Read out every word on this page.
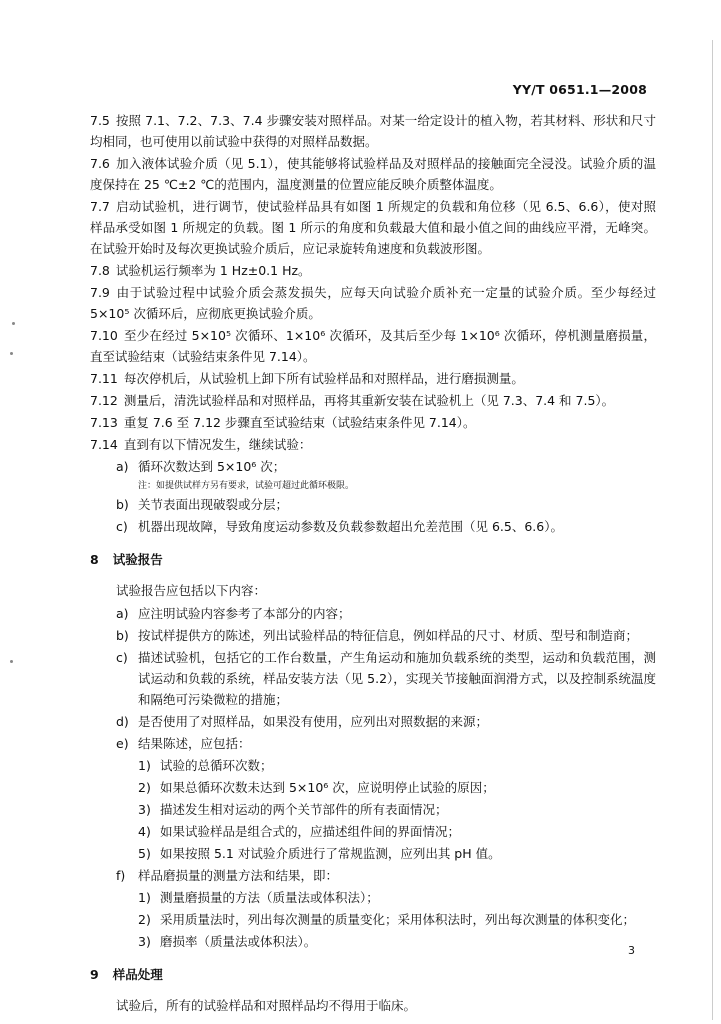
YY/T 0651.1—2008
7.5 按照 7.1、7.2、7.3、7.4 步骤安装对照样品。对某一给定设计的植入物，若其材料、形状和尺寸均相同，也可使用以前试验中获得的对照样品数据。
7.6 加入液体试验介质（见 5.1），使其能够将试验样品及对照样品的接触面完全浸没。试验介质的温度保持在 25 ℃±2 ℃的范围内，温度测量的位置应能反映介质整体温度。
7.7 启动试验机，进行调节，使试验样品具有如图 1 所规定的负载和角位移（见 6.5、6.6），使对照样品承受如图 1 所规定的负载。图 1 所示的角度和负载最大值和最小值之间的曲线应平滑，无峰突。在试验开始时及每次更换试验介质后，应记录旋转角速度和负载波形图。
7.8 试验机运行频率为 1 Hz±0.1 Hz。
7.9 由于试验过程中试验介质会蒸发损失，应每天向试验介质补充一定量的试验介质。至少每经过 5×10⁵ 次循环后，应彻底更换试验介质。
7.10 至少在经过 5×10⁵ 次循环、1×10⁶ 次循环，及其后至少每 1×10⁶ 次循环，停机测量磨损量，直至试验结束（试验结束条件见 7.14）。
7.11 每次停机后，从试验机上卸下所有试验样品和对照样品，进行磨损测量。
7.12 测量后，清洗试验样品和对照样品，再将其重新安装在试验机上（见 7.3、7.4 和 7.5）。
7.13 重复 7.6 至 7.12 步骤直至试验结束（试验结束条件见 7.14）。
7.14 直到有以下情况发生，继续试验：
a) 循环次数达到 5×10⁶ 次；
注：如提供试样方另有要求，试验可超过此循环极限。
b) 关节表面出现破裂或分层；
c) 机器出现故障，导致角度运动参数及负载参数超出允差范围（见 6.5、6.6）。
8 试验报告
试验报告应包括以下内容：
a) 应注明试验内容参考了本部分的内容；
b) 按试样提供方的陈述，列出试验样品的特征信息，例如样品的尺寸、材质、型号和制造商；
c) 描述试验机，包括它的工作台数量，产生角运动和施加负载系统的类型，运动和负载范围，测试运动和负载的系统，样品安装方法（见 5.2），实现关节接触面润滑方式，以及控制系统温度和隔绝可污染微粒的措施；
d) 是否使用了对照样品，如果没有使用，应列出对照数据的来源；
e) 结果陈述，应包括：
1) 试验的总循环次数；
2) 如果总循环次数未达到 5×10⁶ 次，应说明停止试验的原因；
3) 描述发生相对运动的两个关节部件的所有表面情况；
4) 如果试验样品是组合式的，应描述组件间的界面情况；
5) 如果按照 5.1 对试验介质进行了常规监测，应列出其 pH 值。
f) 样品磨损量的测量方法和结果，即：
1) 测量磨损量的方法（质量法或体积法）；
2) 采用质量法时，列出每次测量的质量变化；采用体积法时，列出每次测量的体积变化；
3) 磨损率（质量法或体积法）。
9 样品处理
试验后，所有的试验样品和对照样品均不得用于临床。
3
